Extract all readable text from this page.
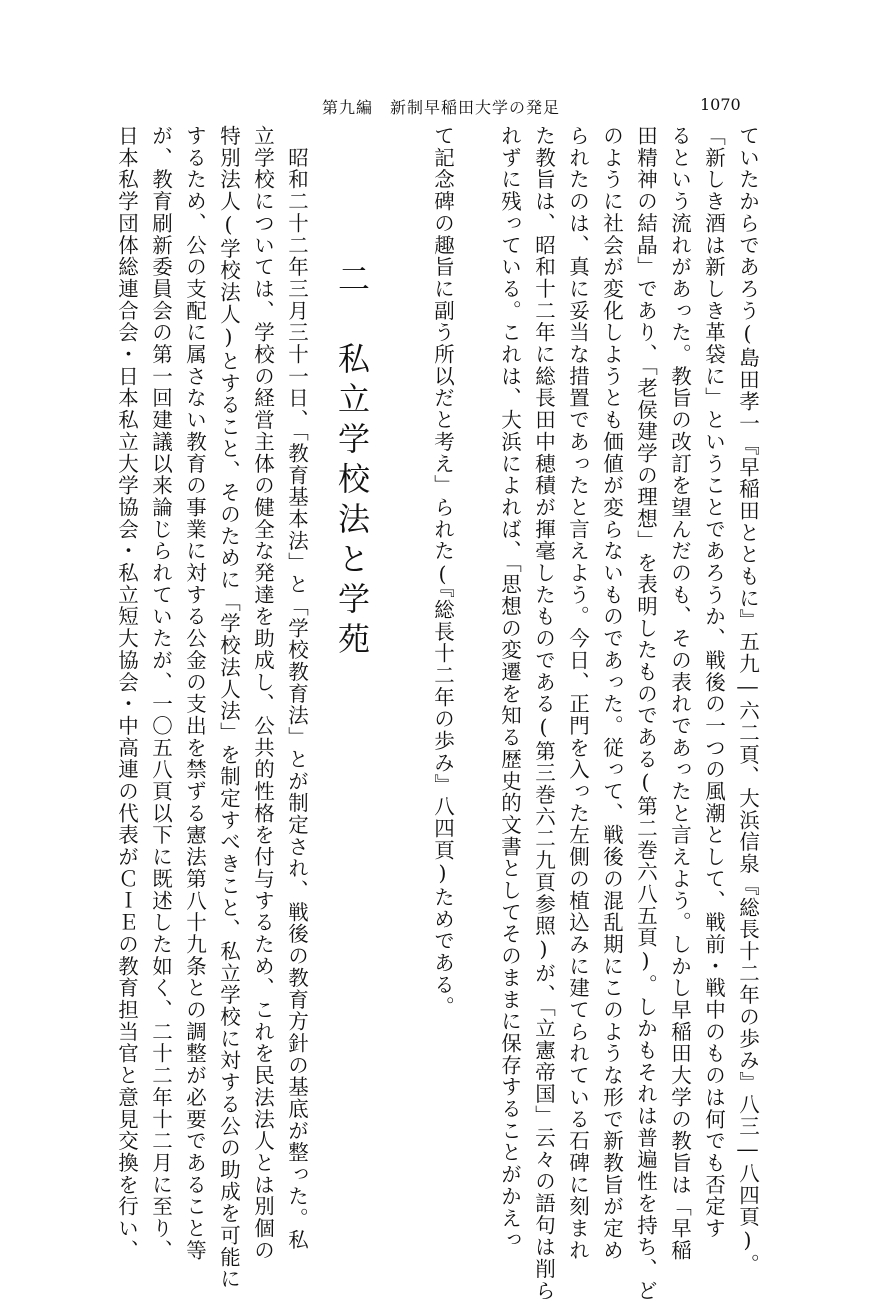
第九編　新制早稲田大学の発足	1070
ていたからであろう(島田孝一『早稲田とともに』五九―六二頁、大浜信泉『総長十二年の歩み』八三―八四頁)。
「新しき酒は新しき革袋に」ということであろうか、戦後の一つの風潮として、戦前・戦中のものは何でも否定す
るという流れがあった。教旨の改訂を望んだのも、その表れであったと言えよう。しかし早稲田大学の教旨は「早稲
田精神の結晶」であり、「老侯建学の理想」を表明したものである(第二巻六八五頁)。しかもそれは普遍性を持ち、ど
のように社会が変化しようとも価値が変らないものであった。従って、戦後の混乱期にこのような形で新教旨が定め
られたのは、真に妥当な措置であったと言えよう。今日、正門を入った左側の植込みに建てられている石碑に刻まれ
た教旨は、昭和十二年に総長田中穂積が揮毫したものである(第三巻六二九頁参照)が、「立憲帝国」云々の語句は削ら
れずに残っている。これは、大浜によれば、「思想の変遷を知る歴史的文書としてそのままに保存することがかえっ
て記念碑の趣旨に副う所以だと考え」られた(『総長十二年の歩み』八四頁)ためである。
二　私立学校法と学苑
　昭和二十二年三月三十一日、「教育基本法」と「学校教育法」とが制定され、戦後の教育方針の基底が整った。私
立学校については、学校の経営主体の健全な発達を助成し、公共的性格を付与するため、これを民法法人とは別個の
特別法人(学校法人)とすること、そのために「学校法人法」を制定すべきこと、私立学校に対する公の助成を可能に
するため、公の支配に属さない教育の事業に対する公金の支出を禁ずる憲法第八十九条との調整が必要であること等
が、教育刷新委員会の第一回建議以来論じられていたが、一〇五八頁以下に既述した如く、二十二年十二月に至り、
日本私学団体総連合会・日本私立大学協会・私立短大協会・中高連の代表がＣＩＥの教育担当官と意見交換を行い、
